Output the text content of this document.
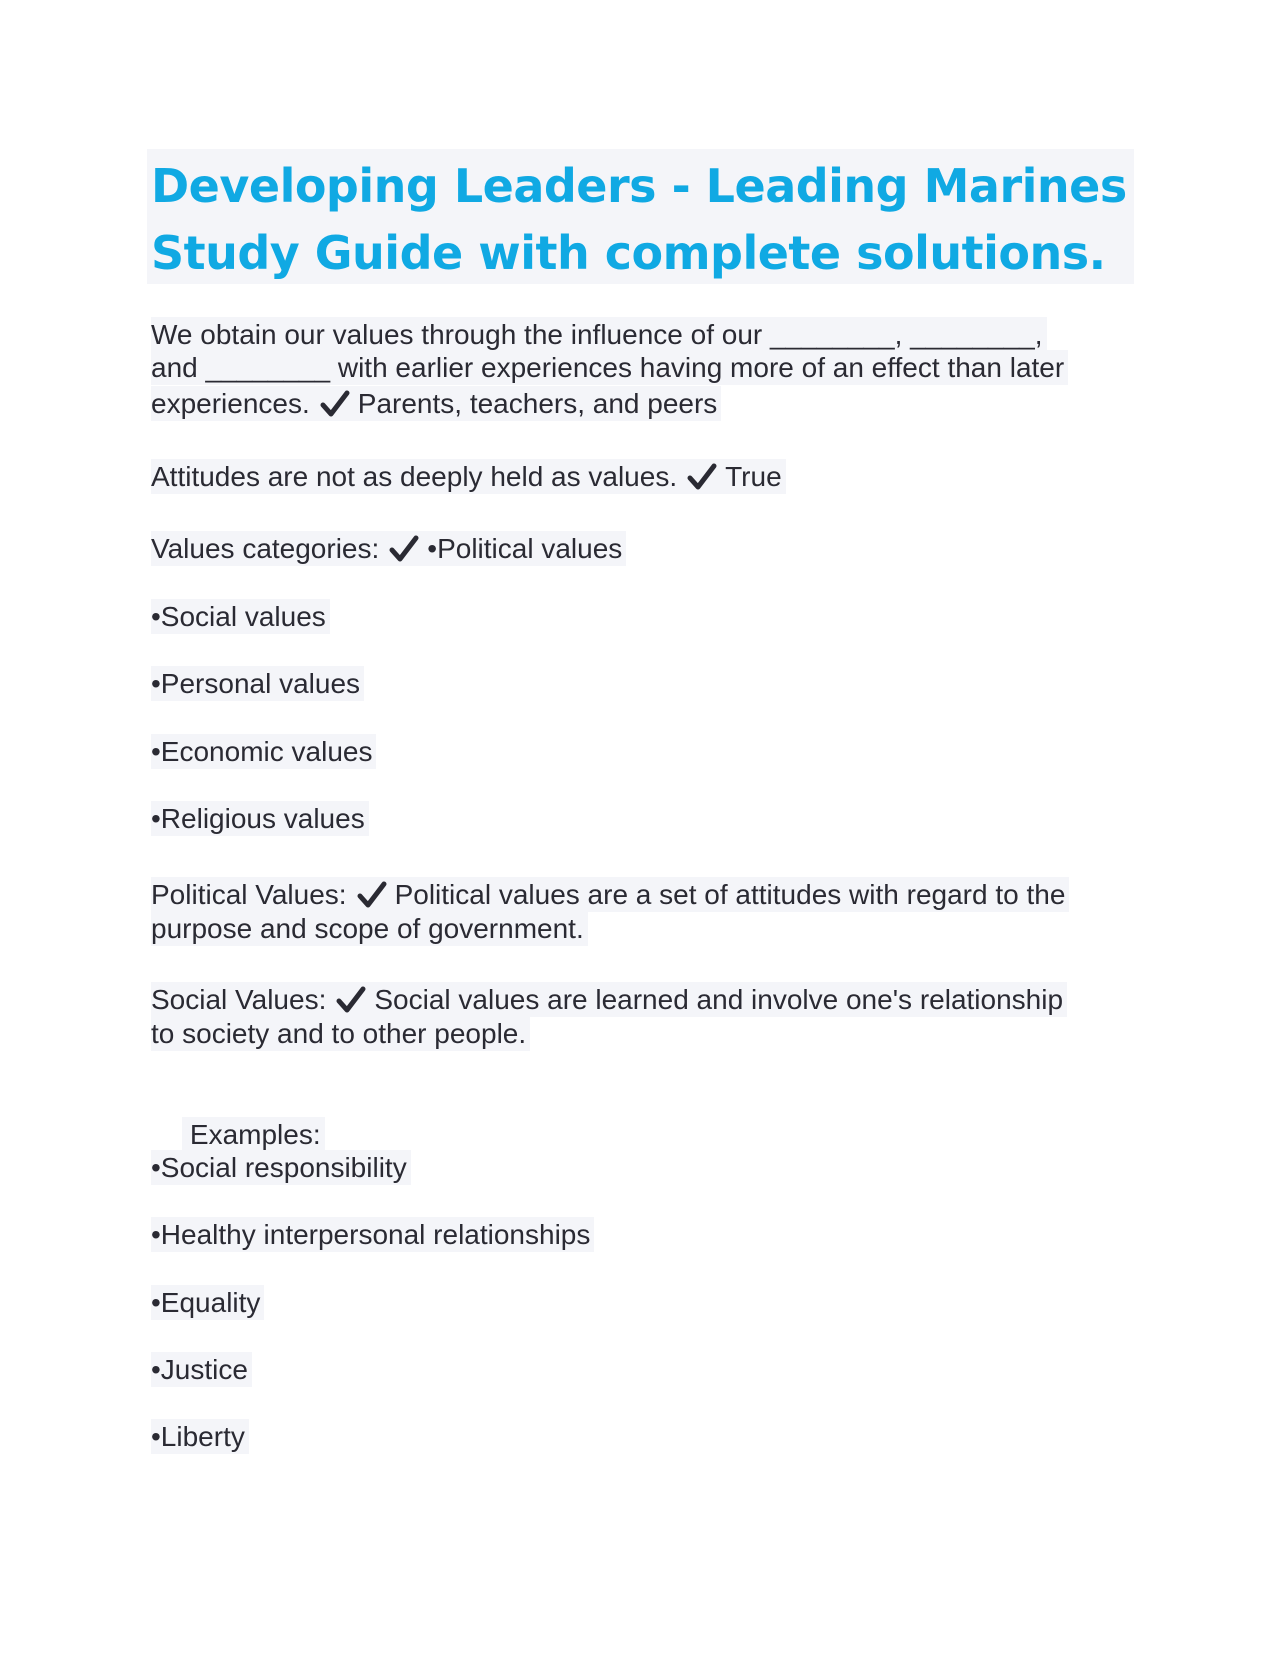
Developing Leaders - Leading Marines
Study Guide with complete solutions.
We obtain our values through the influence of our ________, ________,
and ________ with earlier experiences having more of an effect than later
experiences. Parents, teachers, and peers
Attitudes are not as deeply held as values. True
Values categories: •Political values
•Social values
•Personal values
•Economic values
•Religious values
Political Values: Political values are a set of attitudes with regard to the
purpose and scope of government.
Social Values: Social values are learned and involve one's relationship
to society and to other people.

Examples:

•Social responsibility
•Healthy interpersonal relationships
•Equality
•Justice
•Liberty
